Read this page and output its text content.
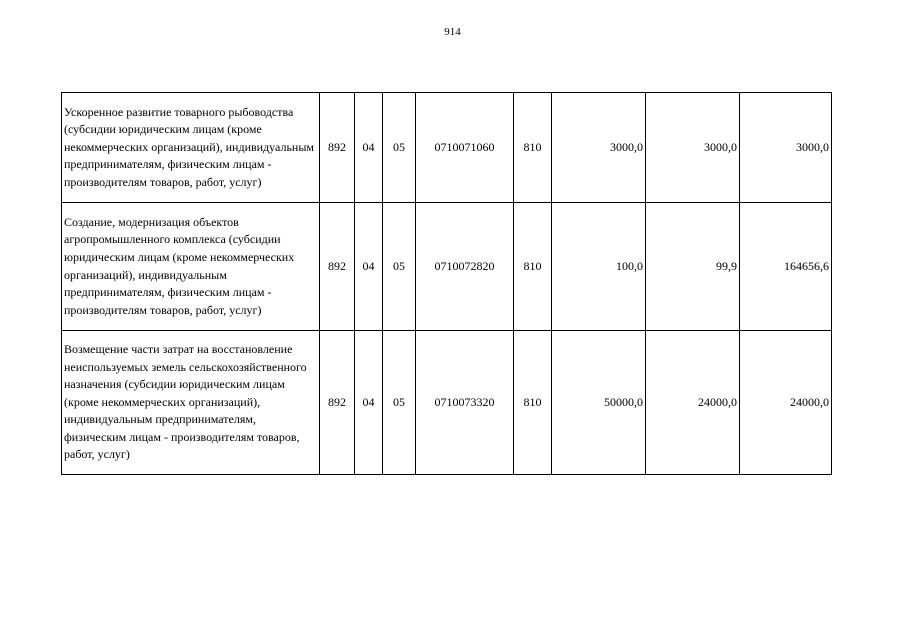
914
Ускоренное развитие товарного рыбоводства (субсидии юридическим лицам (кроме некоммерческих организаций), индивидуальным предпринимателям, физическим лицам - производителям товаров, работ, услуг)	892	04	05	0710071060	810	3000,0	3000,0	3000,0
Создание, модернизация объектов агропромышленного комплекса (субсидии юридическим лицам (кроме некоммерческих организаций), индивидуальным предпринимателям, физическим лицам - производителям товаров, работ, услуг)	892	04	05	0710072820	810	100,0	99,9	164656,6
Возмещение части затрат на восстановление неиспользуемых земель сельскохозяйственного назначения (субсидии юридическим лицам (кроме некоммерческих организаций), индивидуальным предпринимателям, физическим лицам - производителям товаров, работ, услуг)	892	04	05	0710073320	810	50000,0	24000,0	24000,0
